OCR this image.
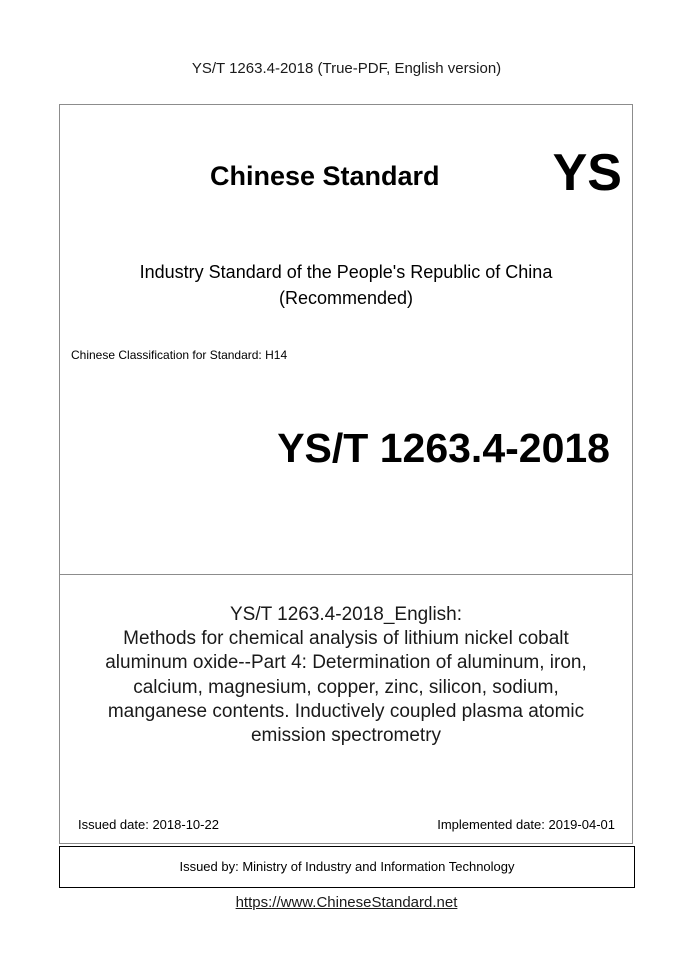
YS/T 1263.4-2018 (True-PDF, English version)
Chinese Standard YS
Industry Standard of the People's Republic of China
(Recommended)
Chinese Classification for Standard: H14
YS/T 1263.4-2018
YS/T 1263.4-2018_English:
Methods for chemical analysis of lithium nickel cobalt
aluminum oxide--Part 4: Determination of aluminum, iron,
calcium, magnesium, copper, zinc, silicon, sodium,
manganese contents. Inductively coupled plasma atomic
emission spectrometry
Issued date: 2018-10-22	Implemented date: 2019-04-01
Issued by: Ministry of Industry and Information Technology
https://www.ChineseStandard.net
